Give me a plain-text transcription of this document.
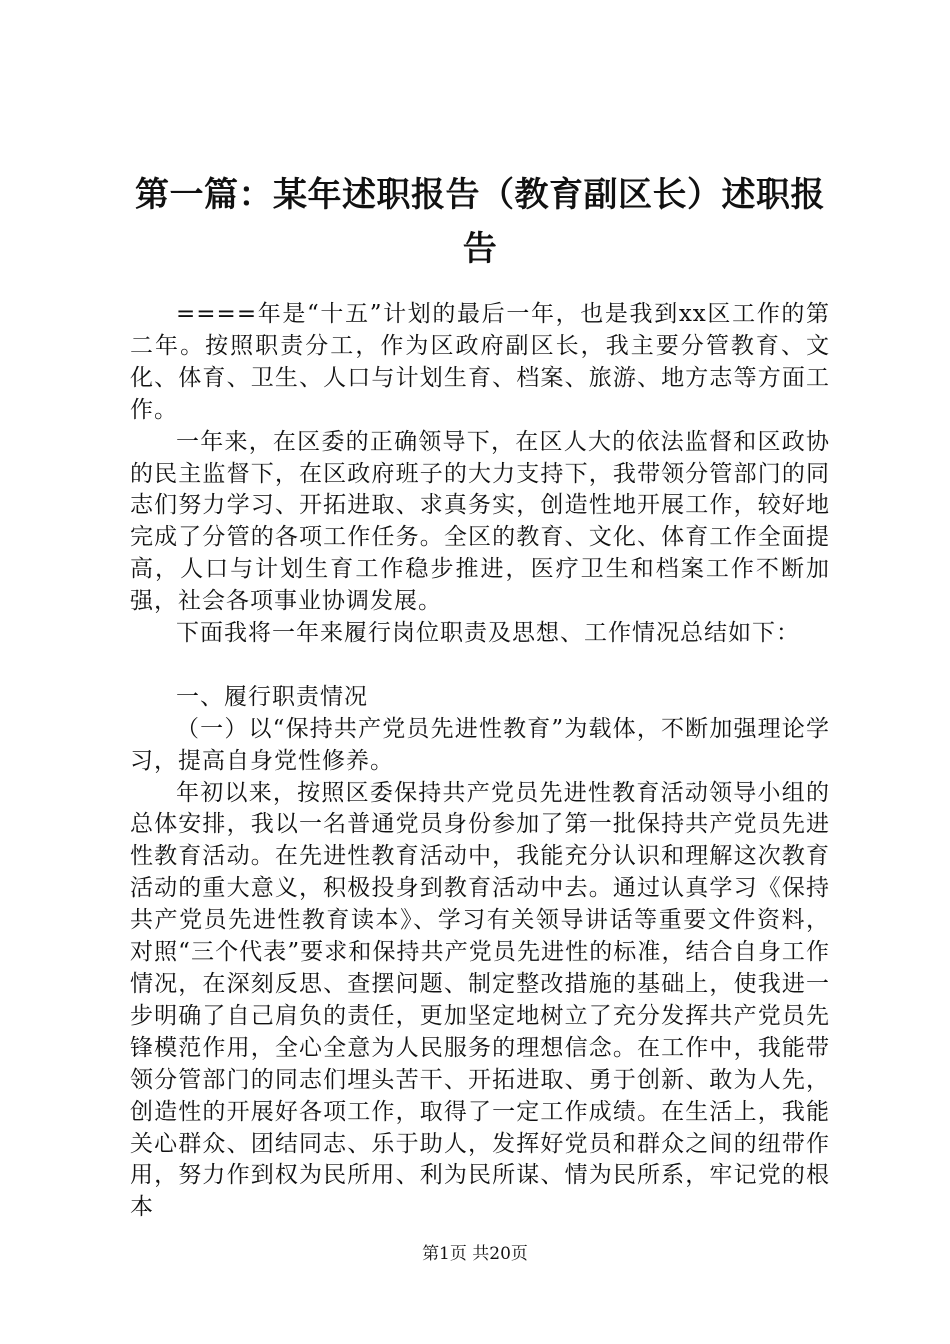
第一篇：某年述职报告（教育副区长）述职报告

====年是“十五”计划的最后一年，也是我到xx区工作的第二年。按照职责分工，作为区政府副区长，我主要分管教育、文化、体育、卫生、人口与计划生育、档案、旅游、地方志等方面工作。

一年来，在区委的正确领导下，在区人大的依法监督和区政协的民主监督下，在区政府班子的大力支持下，我带领分管部门的同志们努力学习、开拓进取、求真务实，创造性地开展工作，较好地完成了分管的各项工作任务。全区的教育、文化、体育工作全面提高，人口与计划生育工作稳步推进，医疗卫生和档案工作不断加强，社会各项事业协调发展。

下面我将一年来履行岗位职责及思想、工作情况总结如下：

一、履行职责情况

（一）以“保持共产党员先进性教育”为载体，不断加强理论学习，提高自身党性修养。

年初以来，按照区委保持共产党员先进性教育活动领导小组的总体安排，我以一名普通党员身份参加了第一批保持共产党员先进性教育活动。在先进性教育活动中，我能充分认识和理解这次教育活动的重大意义，积极投身到教育活动中去。通过认真学习《保持共产党员先进性教育读本》、学习有关领导讲话等重要文件资料，对照“三个代表”要求和保持共产党员先进性的标准，结合自身工作情况，在深刻反思、查摆问题、制定整改措施的基础上，使我进一步明确了自己肩负的责任，更加坚定地树立了充分发挥共产党员先锋模范作用，全心全意为人民服务的理想信念。在工作中，我能带领分管部门的同志们埋头苦干、开拓进取、勇于创新、敢为人先，创造性的开展好各项工作，取得了一定工作成绩。在生活上，我能关心群众、团结同志、乐于助人，发挥好党员和群众之间的纽带作用，努力作到权为民所用、利为民所谋、情为民所系，牢记党的根本

第1页 共20页
